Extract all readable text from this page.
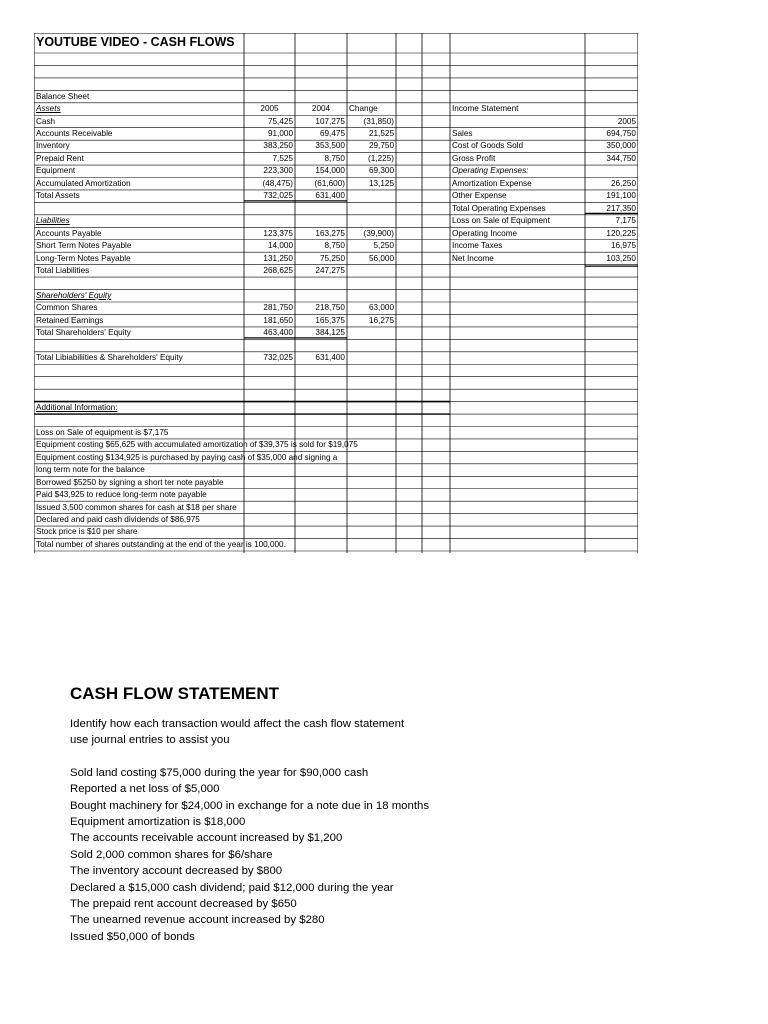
YOUTUBE VIDEO - CASH FLOWS
Balance Sheet
Assets	2005	2004	Change
Cash	75,425	107,275	(31,850)
Accounts Receivable	91,000	69,475	21,525
Inventory	383,250	353,500	29,750
Prepaid Rent	7,525	8,750	(1,225)
Equipment	223,300	154,000	69,300
Accumulated Amortization	(48,475)	(61,600)	13,125
Total Assets	732,025	631,400
Liabilities
Accounts Payable	123,375	163,275	(39,900)
Short Term Notes Payable	14,000	8,750	5,250
Long-Term Notes Payable	131,250	75,250	56,000
Total Liabilities	268,625	247,275
Shareholders' Equity
Common Shares	281,750	218,750	63,000
Retained Earnings	181,650	165,375	16,275
Total Shareholders' Equity	463,400	384,125
Total Libiabiliities & Shareholders' Equity	732,025	631,400
Income Statement
2005
Sales	694,750
Cost of Goods Sold	350,000
Gross Profit	344,750
Operating Expenses:
Amortization Expense	26,250
Other Expense	191,100
Total Operating Expenses	217,350
Loss on Sale of Equipment	7,175
Operating Income	120,225
Income Taxes	16,975
Net Income	103,250
Additional Information:
Loss on Sale of equipment is $7,175
Equipment costing $65,625 with accumulated amortization of $39,375 is sold for $19,075
Equipment costing $134,925 is purchased by paying cash of $35,000 and signing a
long term note for the balance
Borrowed $5250 by signing a short ter note payable
Paid $43,925 to reduce long-term note payable
Issued 3,500 common shares for cash at $18 per share
Declared and paid cash dividends of $86,975
Stock price is $10 per share
Total number of shares outstanding at the end of the year is 100,000.
CASH FLOW STATEMENT
Identify how each transaction would affect the cash flow statement
use journal entries to assist you
Sold land costing $75,000 during the year for $90,000 cash
Reported a net loss of $5,000
Bought machinery for $24,000 in exchange for a note due in 18 months
Equipment amortization is $18,000
The accounts receivable account increased by $1,200
Sold 2,000 common shares for $6/share
The inventory account decreased by $800
Declared a $15,000 cash dividend; paid $12,000 during the year
The prepaid rent account decreased by $650
The unearned revenue account increased by $280
Issued $50,000 of bonds
